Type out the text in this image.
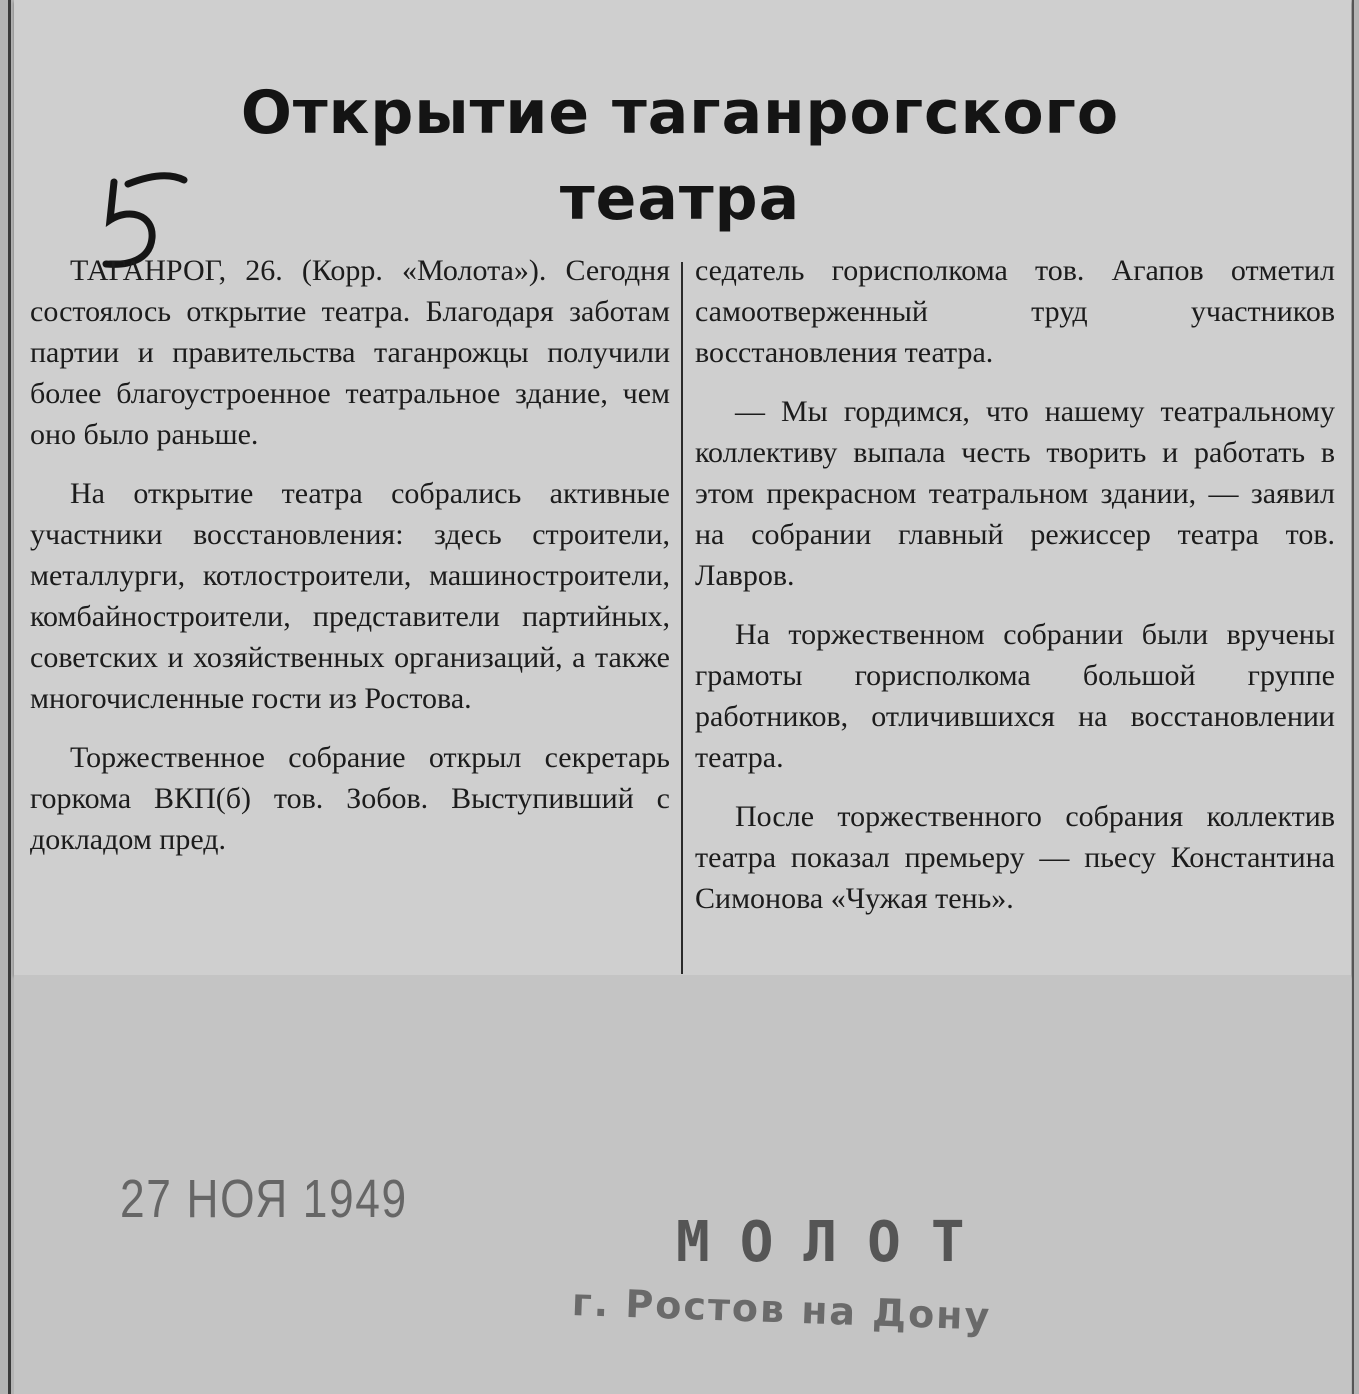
Открытие таганрогского
театра

ТАГАНРОГ, 26. (Корр. «Молота»). Сегодня состоялось открытие театра. Благодаря заботам партии и правительства таганрожцы получили более благоустроенное театральное здание, чем оно было раньше.

На открытие театра собрались активные участники восстановления: здесь строители, металлурги, котлостроители, машиностроители, комбайностроители, представители партийных, советских и хозяйственных организаций, а также многочисленные гости из Ростова.

Торжественное собрание открыл секретарь горкома ВКП(б) тов. Зобов. Выступивший с докладом пред.

седатель горисполкома тов. Агапов отметил самоотверженный труд участников восстановления театра.

— Мы гордимся, что нашему театральному коллективу выпала честь творить и работать в этом прекрасном театральном здании, — заявил на собрании главный режиссер театра тов. Лавров.

На торжественном собрании были вручены грамоты горисполкома большой группе работников, отличившихся на восстановлении театра.

После торжественного собрания коллектив театра показал премьеру — пьесу Константина Симонова «Чужая тень».

27 НОЯ 1949
МОЛОТ
г. Ростов на Дону
